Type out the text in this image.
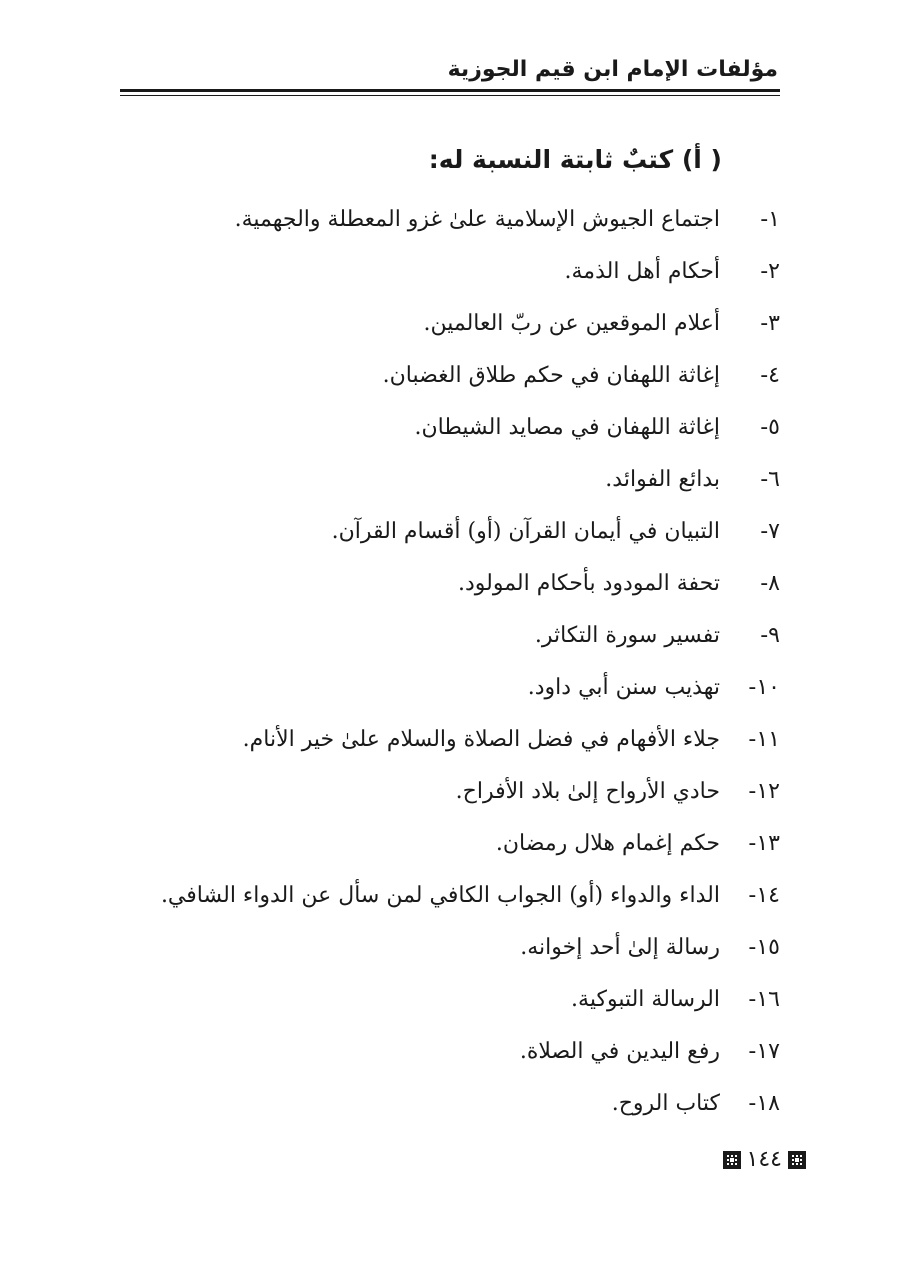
مؤلفات الإمام ابن قيم الجوزية
( أ) كتبٌ ثابتة النسبة له:
١-
اجتماع الجيوش الإسلامية علىٰ غزو المعطلة والجهمية.
٢-
أحكام أهل الذمة.
٣-
أعلام الموقعين عن ربّ العالمين.
٤-
إغاثة اللهفان في حكم طلاق الغضبان.
٥-
إغاثة اللهفان في مصايد الشيطان.
٦-
بدائع الفوائد.
٧-
التبيان في أيمان القرآن (أو) أقسام القرآن.
٨-
تحفة المودود بأحكام المولود.
٩-
تفسير سورة التكاثر.
١٠-
تهذيب سنن أبي داود.
١١-
جلاء الأفهام في فضل الصلاة والسلام علىٰ خير الأنام.
١٢-
حادي الأرواح إلىٰ بلاد الأفراح.
١٣-
حكم إغمام هلال رمضان.
١٤-
الداء والدواء (أو) الجواب الكافي لمن سأل عن الدواء الشافي.
١٥-
رسالة إلىٰ أحد إخوانه.
١٦-
الرسالة التبوكية.
١٧-
رفع اليدين في الصلاة.
١٨-
كتاب الروح.
١٤٤
